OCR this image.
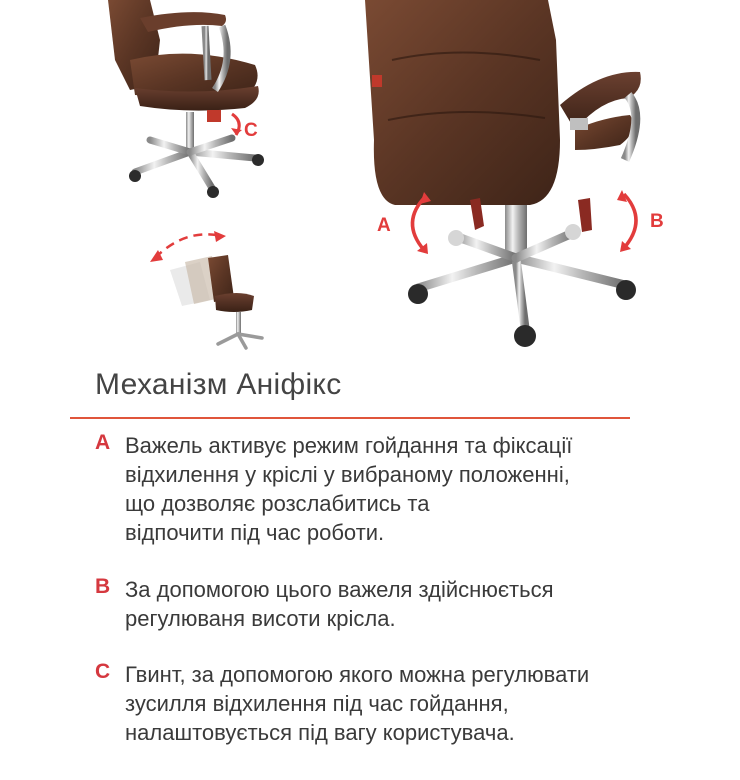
C
A	B
Механізм Аніфікс
A Важель активує режим гойдання та фіксації
відхилення у кріслі у вибраному положенні,
що дозволяє розслабитись та
відпочити під час роботи.
B За допомогою цього важеля здійснюється
регулюваня висоти крісла.
C Гвинт, за допомогою якого можна регулювати
зусилля відхилення під час гойдання,
налаштовується під вагу користувача.
